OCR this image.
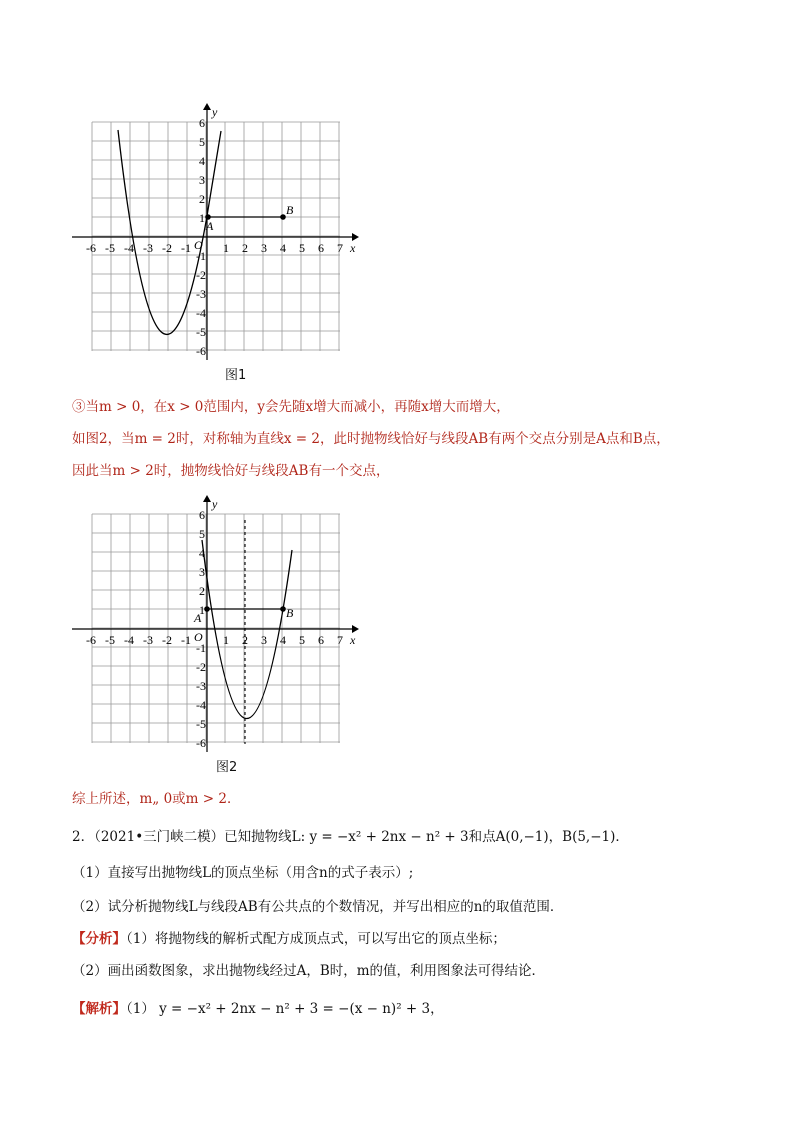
A
B
x
y
O
-6 -5 -4 -3 -2 -1	1 2 3 4 5 6 7
6
5
4
3
2
1
-1
-2
-3
-4
-5
-6
图1
③当m > 0，在x > 0范围内，y会先随x增大而减小，再随x增大而增大，
如图2，当m = 2时，对称轴为直线x = 2，此时抛物线恰好与线段AB有两个交点分别是A点和B点，
因此当m > 2时，抛物线恰好与线段AB有一个交点，
A	B
x
y
O
-6 -5 -4 -3 -2 -1	1 2 3 4 5 6 7
6
5
4
3
2
1
-1
-2
-3
-4
-5
-6
图2
综上所述，m„ 0或m > 2．
2．（2021•三门峡二模）已知抛物线L: y = −x² + 2nx − n² + 3和点A(0,−1)，B(5,−1)．
（1）直接写出抛物线L的顶点坐标（用含n的式子表示）;
（2）试分析抛物线L与线段AB有公共点的个数情况，并写出相应的n的取值范围．
【分析】（1）将抛物线的解析式配方成顶点式，可以写出它的顶点坐标；
（2）画出函数图象，求出抛物线经过A，B时，m的值，利用图象法可得结论．
【解析】（1） y = −x² + 2nx − n² + 3 = −(x − n)² + 3，
